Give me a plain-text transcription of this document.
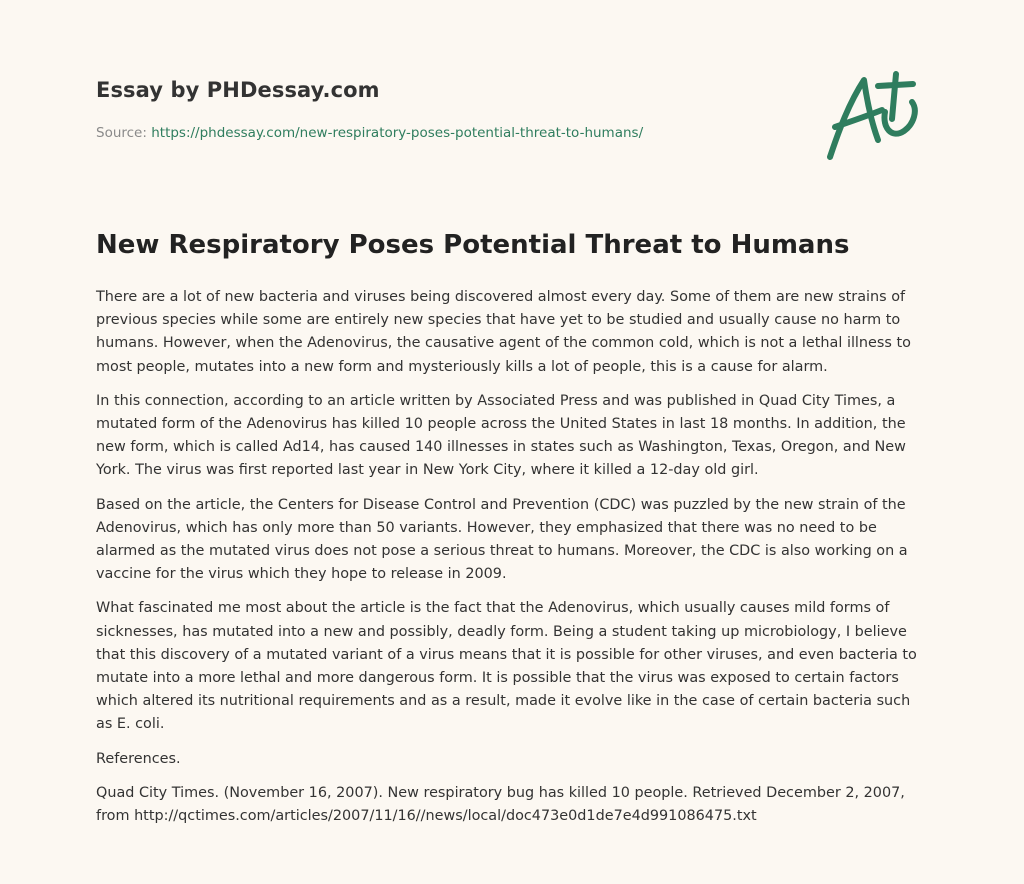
Essay by PHDessay.com
Source: https://phdessay.com/new-respiratory-poses-potential-threat-to-humans/
New Respiratory Poses Potential Threat to Humans

There are a lot of new bacteria and viruses being discovered almost every day. Some of them are new strains of previous species while some are entirely new species that have yet to be studied and usually cause no harm to humans. However, when the Adenovirus, the causative agent of the common cold, which is not a lethal illness to most people, mutates into a new form and mysteriously kills a lot of people, this is a cause for alarm.

In this connection, according to an article written by Associated Press and was published in Quad City Times, a mutated form of the Adenovirus has killed 10 people across the United States in last 18 months. In addition, the new form, which is called Ad14, has caused 140 illnesses in states such as Washington, Texas, Oregon, and New York. The virus was first reported last year in New York City, where it killed a 12-day old girl.

Based on the article, the Centers for Disease Control and Prevention (CDC) was puzzled by the new strain of the Adenovirus, which has only more than 50 variants. However, they emphasized that there was no need to be alarmed as the mutated virus does not pose a serious threat to humans. Moreover, the CDC is also working on a vaccine for the virus which they hope to release in 2009.

What fascinated me most about the article is the fact that the Adenovirus, which usually causes mild forms of sicknesses, has mutated into a new and possibly, deadly form. Being a student taking up microbiology, I believe that this discovery of a mutated variant of a virus means that it is possible for other viruses, and even bacteria to mutate into a more lethal and more dangerous form. It is possible that the virus was exposed to certain factors which altered its nutritional requirements and as a result, made it evolve like in the case of certain bacteria such as E. coli.

References.

Quad City Times. (November 16, 2007). New respiratory bug has killed 10 people. Retrieved December 2, 2007, from http://qctimes.com/articles/2007/11/16//news/local/doc473e0d1de7e4d991086475.txt
